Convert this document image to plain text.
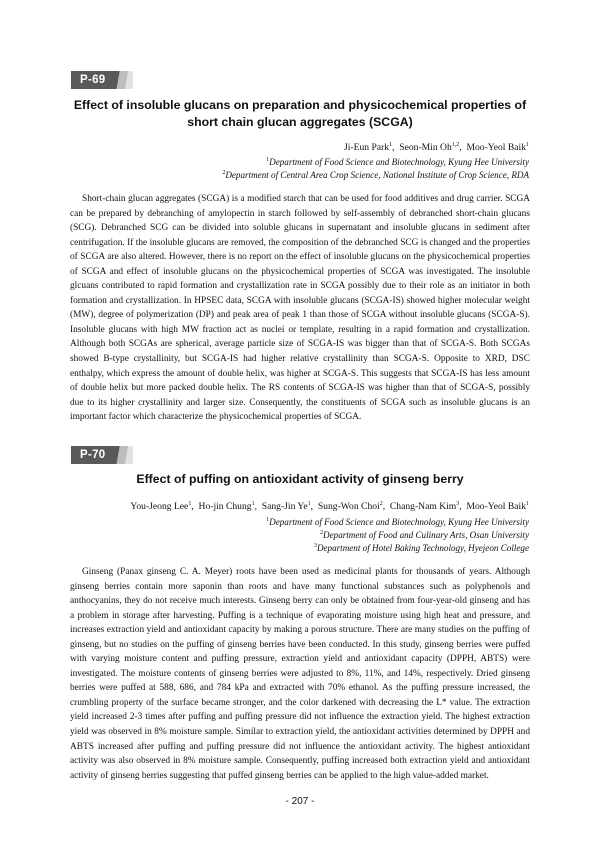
P-69
Effect of insoluble glucans on preparation and physicochemical properties of
short chain glucan aggregates (SCGA)
Ji-Eun Park$^1$,  Seon-Min Oh$^{1,2}$,  Moo-Yeol Baik$^1$
$^1$Department of Food Science and Biotechnology, Kyung Hee University
$^2$Department of Central Area Crop Science, National Institute of Crop Science, RDA

Short-chain glucan aggregates (SCGA) is a modified starch that can be used for food additives and drug carrier. SCGA can be prepared by debranching of amylopectin in starch followed by self-assembly of debranched short-chain glucans (SCG). Debranched SCG can be divided into soluble glucans in supernatant and insoluble glucans in sediment after centrifugation. If the insoluble glucans are removed, the composition of the debranched SCG is changed and the properties of SCGA are also altered. However, there is no report on the effect of insoluble glucans on the physicochemical properties of SCGA and effect of insoluble glucans on the physicochemical properties of SCGA was investigated. The insoluble glcuans contributed to rapid formation and crystallization rate in SCGA possibly due to their role as an initiator in both formation and crystallization. In HPSEC data, SCGA with insoluble glucans (SCGA-IS) showed higher molecular weight (MW), degree of polymerization (DP) and peak area of peak 1 than those of SCGA without insoluble glucans (SCGA-S). Insoluble glucans with high MW fraction act as nuclei or template, resulting in a rapid formation and crystallization. Although both SCGAs are spherical, average particle size of SCGA-IS was bigger than that of SCGA-S. Both SCGAs showed B-type crystallinity, but SCGA-IS had higher relative crystallinity than SCGA-S. Opposite to XRD, DSC enthalpy, which express the amount of double helix, was higher at SCGA-S. This suggests that SCGA-IS has less amount of double helix but more packed double helix. The RS contents of SCGA-IS was higher than that of SCGA-S, possibly due to its higher crystallinity and larger size. Consequently, the constituents of SCGA such as insoluble glucans is an important factor which characterize the physicochemical properties of SCGA.

P-70
Effect of puffing on antioxidant activity of ginseng berry
You-Jeong Lee$^1$,  Ho-jin Chung$^1$,  Sang-Jin Ye$^1$,  Sung-Won Choi$^2$,  Chang-Nam Kim$^3$,  Moo-Yeol Baik$^1$
$^1$Department of Food Science and Biotechnology, Kyung Hee University
$^2$Department of Food and Culinary Arts, Osan University
$^3$Department of Hotel Baking Technology, Hyejeon College

Ginseng (Panax ginseng C. A. Meyer) roots have been used as medicinal plants for thousands of years. Although ginseng berries contain more saponin than roots and have many functional substances such as polyphenols and anthocyanins, they do not receive much interests. Ginseng berry can only be obtained from four-year-old ginseng and has a problem in storage after harvesting. Puffing is a technique of evaporating moisture using high heat and pressure, and increases extraction yield and antioxidant capacity by making a porous structure. There are many studies on the puffing of ginseng, but no studies on the puffing of ginseng berries have been conducted. In this study, ginseng berries were puffed with varying moisture content and puffing pressure, extraction yield and antioxidant capacity (DPPH, ABTS) were investigated. The moisture contents of ginseng berries were adjusted to 8%, 11%, and 14%, respectively. Dried ginseng berries were puffed at 588, 686, and 784 kPa and extracted with 70% ethanol. As the puffing pressure increased, the crumbling property of the surface became stronger, and the color darkened with decreasing the L* value. The extraction yield increased 2-3 times after puffing and puffing pressure did not influence the extraction yield. The highest extraction yield was observed in 8% moisture sample. Similar to extraction yield, the antioxidant activities determined by DPPH and ABTS increased after puffing and puffing pressure did not influence the antioxidant activity. The highest antioxidant activity was also observed in 8% moisture sample. Consequently, puffing increased both extraction yield and antioxidant activity of ginseng berries suggesting that puffed ginseng berries can be applied to the high value-added market.

- 207 -
